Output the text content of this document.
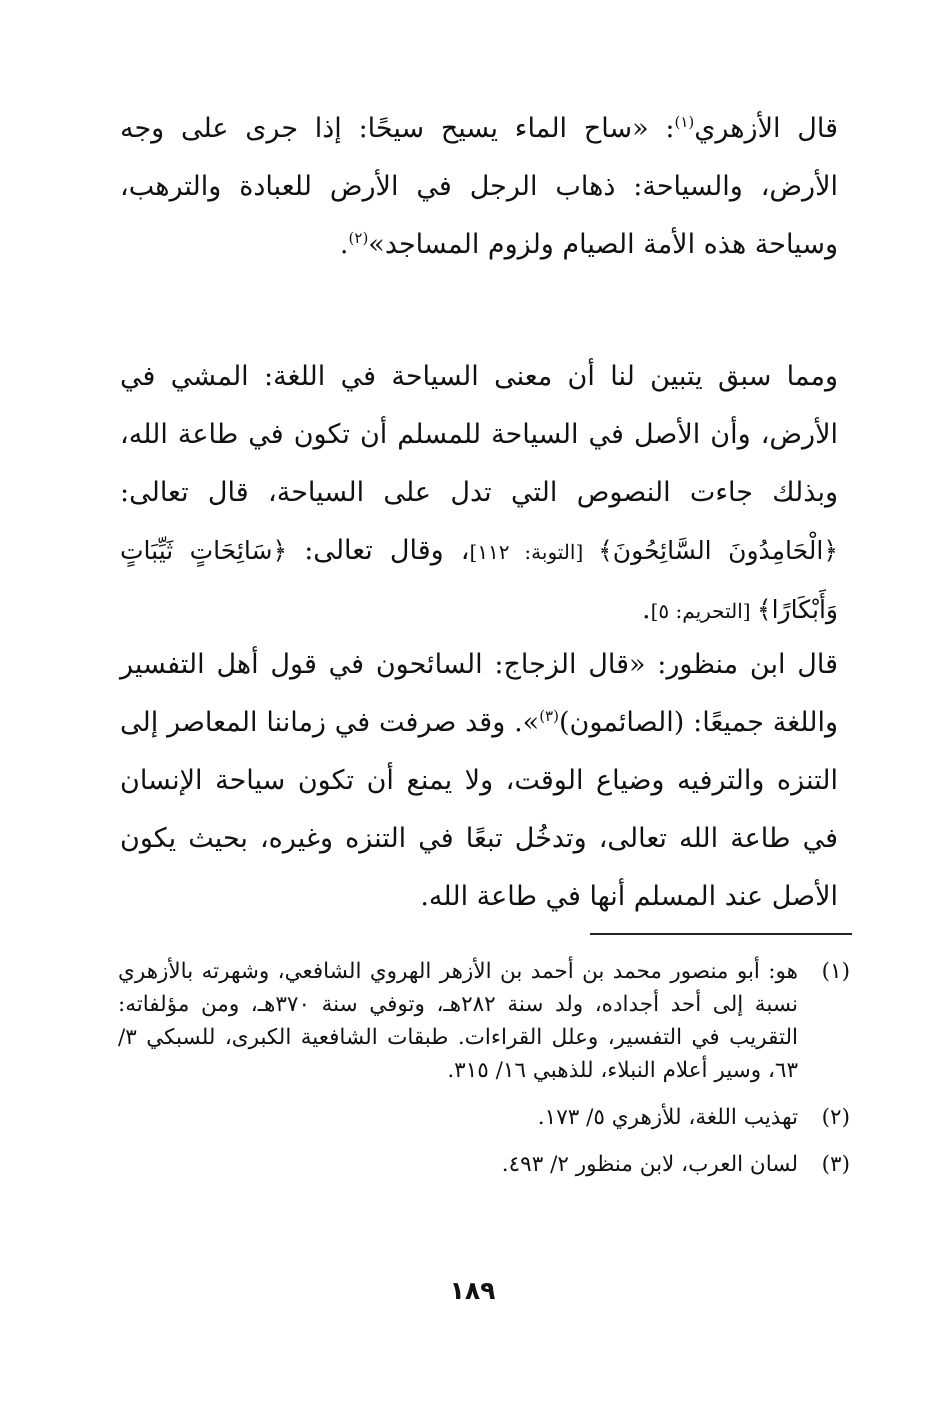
قال الأزهري$^{(١)}$: «ساح الماء يسيح سيحًا: إذا جرى على وجه الأرض، والسياحة: ذهاب الرجل في الأرض للعبادة والترهب، وسياحة هذه الأمة الصيام ولزوم المساجد»$^{(٢)}$.

ومما سبق يتبين لنا أن معنى السياحة في اللغة: المشي في الأرض، وأن الأصل في السياحة للمسلم أن تكون في طاعة الله، وبذلك جاءت النصوص التي تدل على السياحة، قال تعالى: ﴿الْحَامِدُونَ السَّائِحُونَ﴾ [التوبة: ١١٢]، وقال تعالى: ﴿سَائِحَاتٍ ثَيِّبَاتٍ وَأَبْكَارًا﴾ [التحريم: ٥].

قال ابن منظور: «قال الزجاج: السائحون في قول أهل التفسير واللغة جميعًا: (الصائمون)$^{(٣)}$». وقد صرفت في زماننا المعاصر إلى التنزه والترفيه وضياع الوقت، ولا يمنع أن تكون سياحة الإنسان في طاعة الله تعالى، وتدخُل تبعًا في التنزه وغيره، بحيث يكون الأصل عند المسلم أنها في طاعة الله.

(١)
هو: أبو منصور محمد بن أحمد بن الأزهر الهروي الشافعي، وشهرته بالأزهري نسبة إلى أحد أجداده، ولد سنة ٢٨٢هـ، وتوفي سنة ٣٧٠هـ، ومن مؤلفاته: التقريب في التفسير، وعلل القراءات. طبقات الشافعية الكبرى، للسبكي ٣/ ٦٣، وسير أعلام النبلاء، للذهبي ١٦/ ٣١٥.
(٢)
تهذيب اللغة، للأزهري ٥/ ١٧٣.
(٣)
لسان العرب، لابن منظور ٢/ ٤٩٣.
١٨٩
